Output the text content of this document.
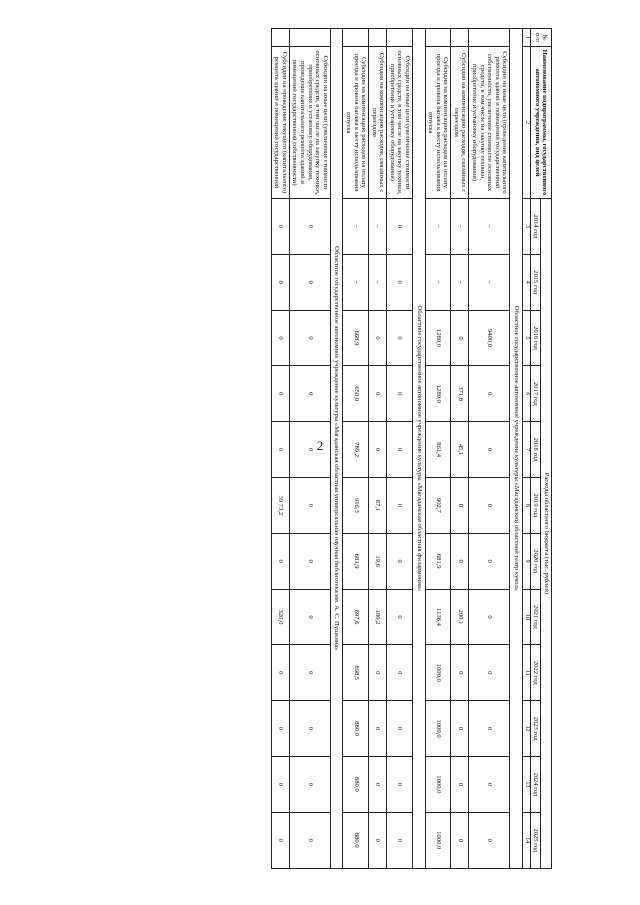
2
№ п/п	Наименование подпрограммы, государственного автономного учреждения, вид целей	Расходы областного бюджета (тыс. рублей)											
		2014 год	2015 год	2016 год	2017 год	2018 год	2019 год	2020 год	2021 год	2022 год	2023 год	2024 год	2025 год
1	2	3	4	5	6	7	8	9	10	11	12	13	14
Областное государственное автономное учреждение культуры «Магаданский областной театр кукол»													
	Субсидии на иные цели (проведение капитального ремонта зданий и помещений государственной собственности, увеличение стоимости основных средств, в том числе на закупку техники, приобретение и установку оборудования)	-	-	9400,0	0	0	0	0	0	0	0	0	0
	Субсидии на компенсацию расходов, связанных с переездом	-	-	0	371,8	45,1	0	0	200,1	0	0	0	0
	Субсидии на компенсацию расходов на оплату проезда и провоза багажа к месту использования отпуска	-	-	1280,0	1280,0	861,4	902,7	681,9	1136,4	1000,0	1000,0	1000,0	1000,0
Областное государственное автономное учреждение культуры «Магаданская областная филармония»													
	Субсидии на иные цели (увеличение стоимости основных средств, в том числе на закупку техники, приобретение и установку оборудования)	0	0	0	0	0	0	0	0	0	0	0	0
	Субсидии на компенсацию расходов, связанных с переездом	-	-	0	0	0	87,1	19,6	186,2	0	0	0	0
	Субсидии на компенсацию расходов на оплату проезда и провоза багажа к месту использования отпуска	-	-	668,9	650,0	789,2	916,3	681,9	697,6	898,5	880,0	880,0	880,0
Областное государственное автономное учреждение культуры «Магаданская областная универсальная научная библиотека им. А. С. Пушкина»													
	Субсидии на иные цели (увеличение стоимости основных средств, в том числе на закупку техники, приобретение и установку оборудования, проведение капитального ремонта зданий и помещений государственной собственности)	0	0	0	0	0	0	0	0	0	0	0	0
	Субсидии на проведение текущего (капитального) ремонта зданий и помещений государственной	0	0	0	0	0	39 73,2	0	320,0	0	0	0	0
